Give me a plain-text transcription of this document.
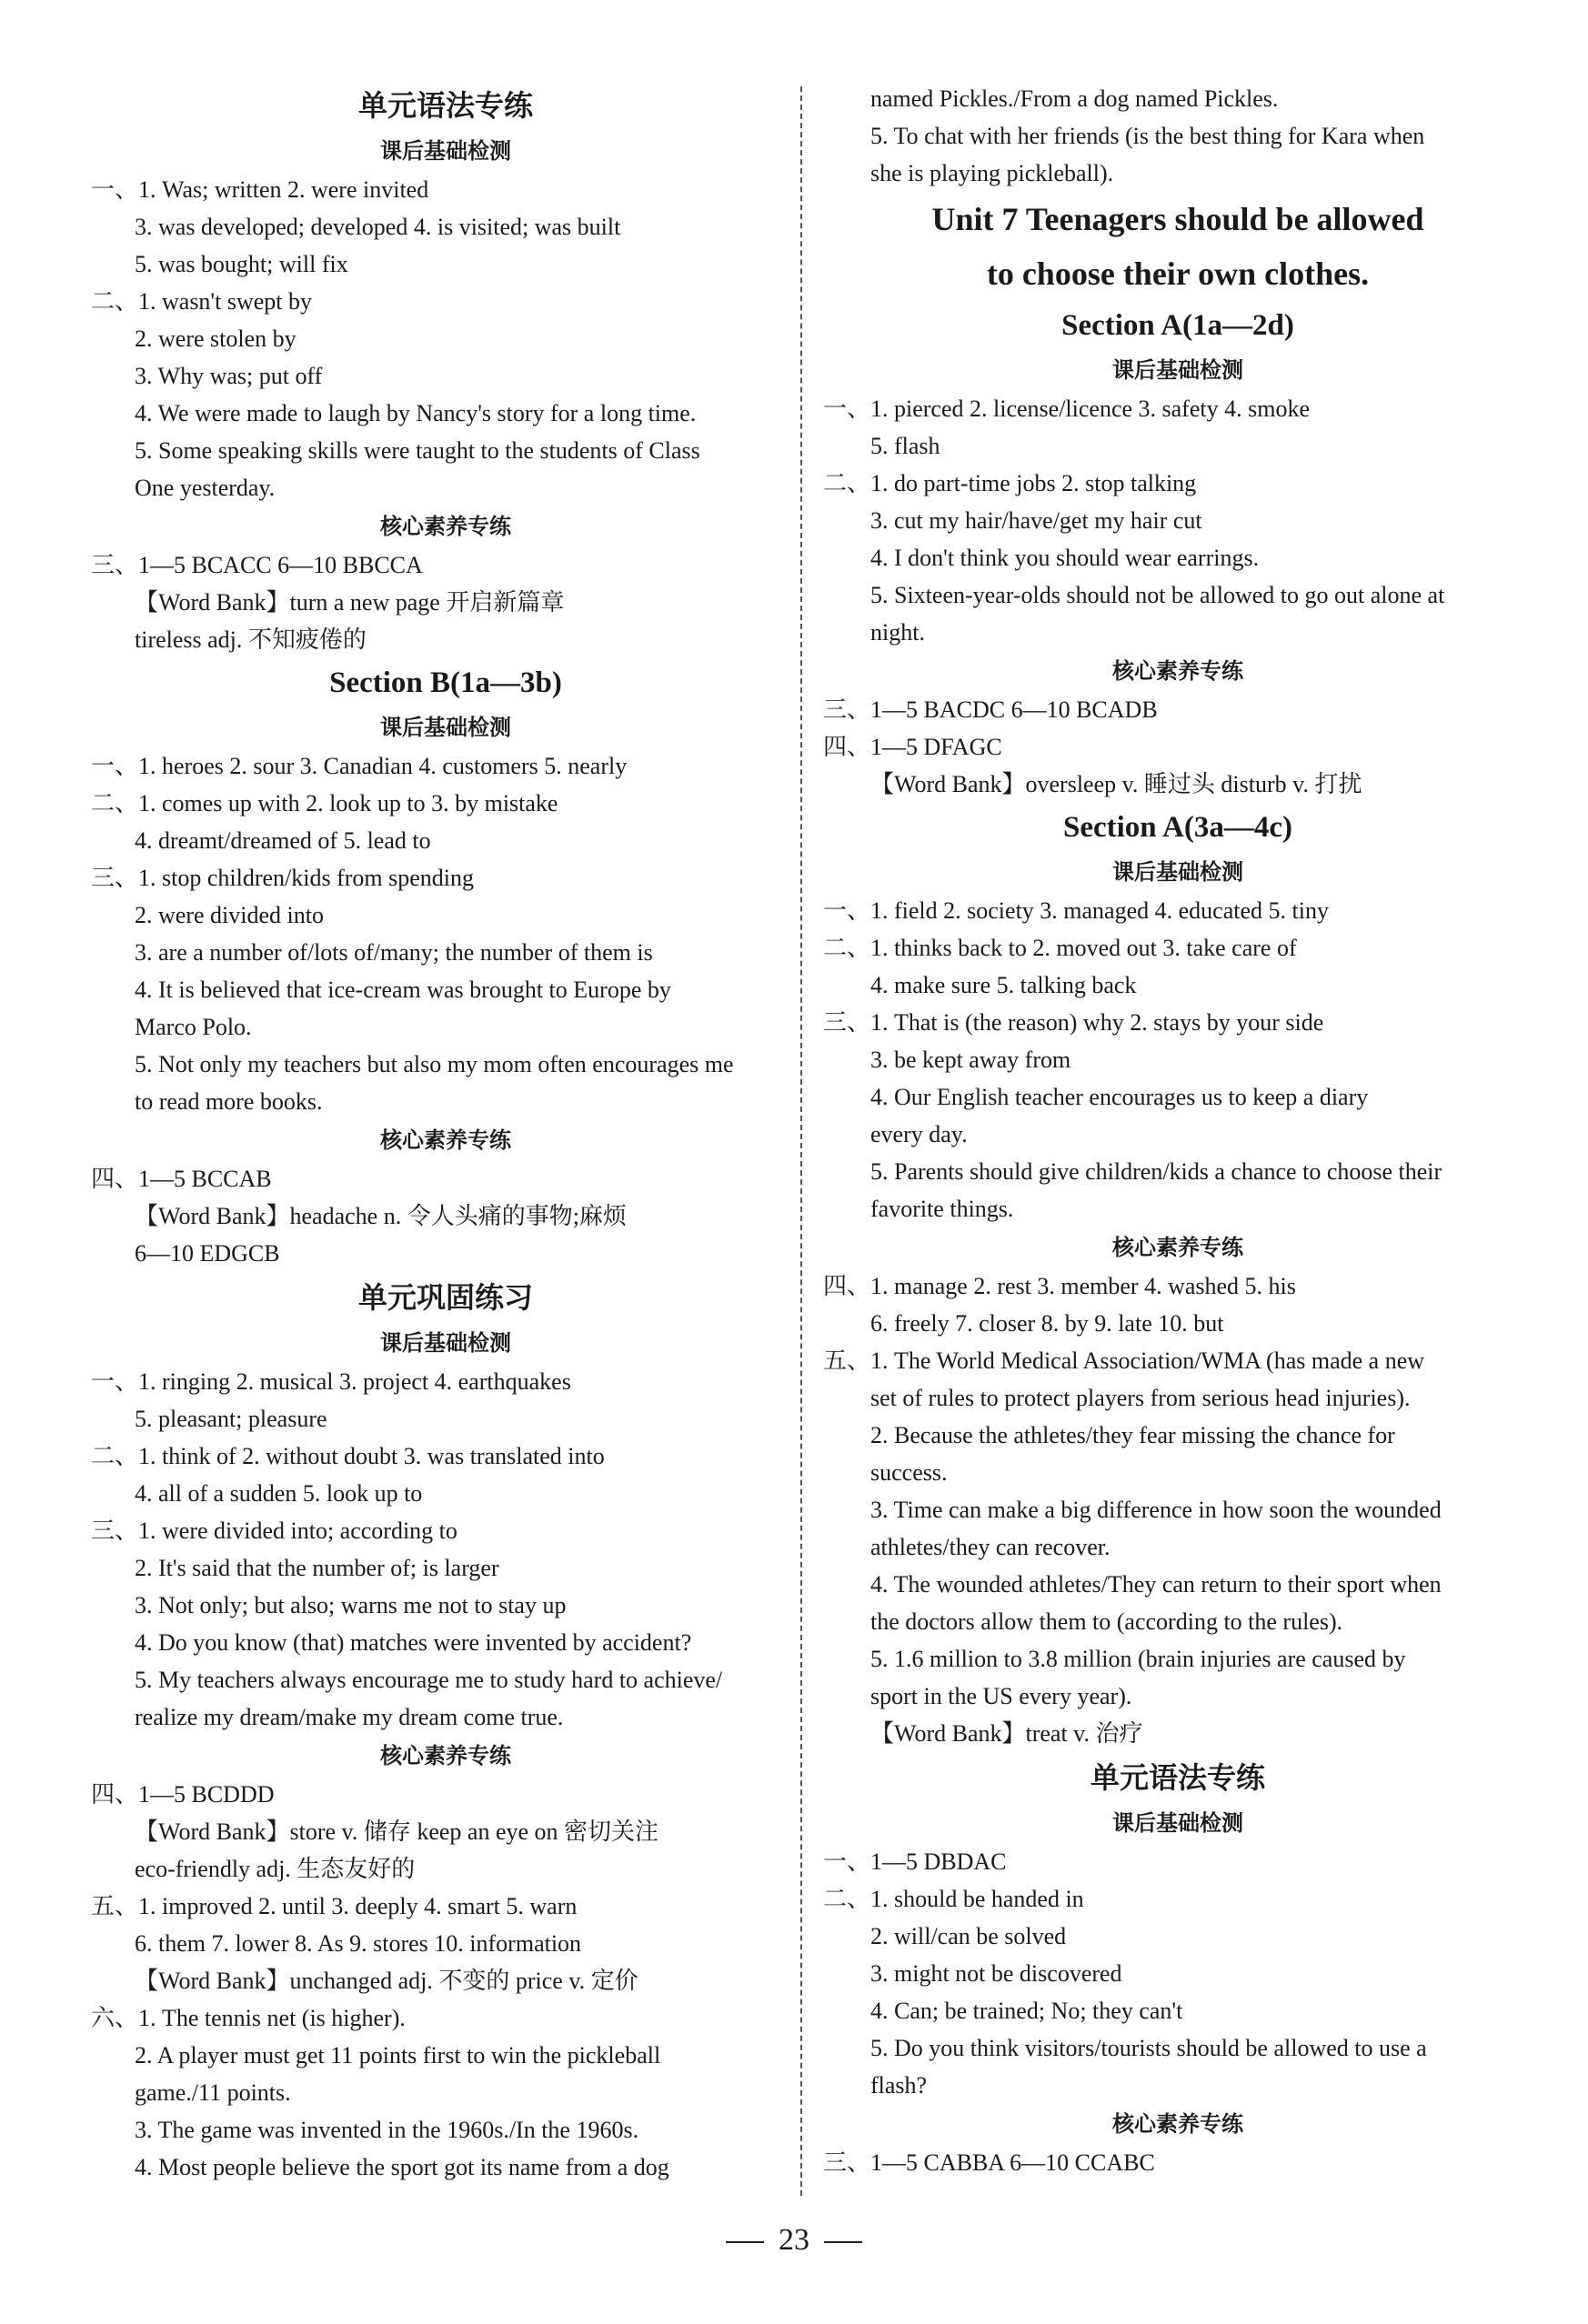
单元语法专练
课后基础检测
一、1. Was; written 2. were invited
3. was developed; developed 4. is visited; was built
5. was bought; will fix
二、1. wasn't swept by
2. were stolen by
3. Why was; put off
4. We were made to laugh by Nancy's story for a long time.
5. Some speaking skills were taught to the students of Class
One yesterday.
核心素养专练
三、1—5 BCACC 6—10 BBCCA
【Word Bank】turn a new page 开启新篇章
tireless adj. 不知疲倦的
Section B(1a—3b)
课后基础检测
一、1. heroes 2. sour 3. Canadian 4. customers 5. nearly
二、1. comes up with 2. look up to 3. by mistake
4. dreamt/dreamed of 5. lead to
三、1. stop children/kids from spending
2. were divided into
3. are a number of/lots of/many; the number of them is
4. It is believed that ice-cream was brought to Europe by
Marco Polo.
5. Not only my teachers but also my mom often encourages me
to read more books.
核心素养专练
四、1—5 BCCAB
【Word Bank】headache n. 令人头痛的事物;麻烦
6—10 EDGCB
单元巩固练习
课后基础检测
一、1. ringing 2. musical 3. project 4. earthquakes
5. pleasant; pleasure
二、1. think of 2. without doubt 3. was translated into
4. all of a sudden 5. look up to
三、1. were divided into; according to
2. It's said that the number of; is larger
3. Not only; but also; warns me not to stay up
4. Do you know (that) matches were invented by accident?
5. My teachers always encourage me to study hard to achieve/
realize my dream/make my dream come true.
核心素养专练
四、1—5 BCDDD
【Word Bank】store v. 储存 keep an eye on 密切关注
eco-friendly adj. 生态友好的
五、1. improved 2. until 3. deeply 4. smart 5. warn
6. them 7. lower 8. As 9. stores 10. information
【Word Bank】unchanged adj. 不变的 price v. 定价
六、1. The tennis net (is higher).
2. A player must get 11 points first to win the pickleball
game./11 points.
3. The game was invented in the 1960s./In the 1960s.
4. Most people believe the sport got its name from a dog
named Pickles./From a dog named Pickles.
5. To chat with her friends (is the best thing for Kara when
she is playing pickleball).
Unit 7 Teenagers should be allowed
to choose their own clothes.
Section A(1a—2d)
课后基础检测
一、1. pierced 2. license/licence 3. safety 4. smoke
5. flash
二、1. do part-time jobs 2. stop talking
3. cut my hair/have/get my hair cut
4. I don't think you should wear earrings.
5. Sixteen-year-olds should not be allowed to go out alone at
night.
核心素养专练
三、1—5 BACDC 6—10 BCADB
四、1—5 DFAGC
【Word Bank】oversleep v. 睡过头 disturb v. 打扰
Section A(3a—4c)
课后基础检测
一、1. field 2. society 3. managed 4. educated 5. tiny
二、1. thinks back to 2. moved out 3. take care of
4. make sure 5. talking back
三、1. That is (the reason) why 2. stays by your side
3. be kept away from
4. Our English teacher encourages us to keep a diary
every day.
5. Parents should give children/kids a chance to choose their
favorite things.
核心素养专练
四、1. manage 2. rest 3. member 4. washed 5. his
6. freely 7. closer 8. by 9. late 10. but
五、1. The World Medical Association/WMA (has made a new
set of rules to protect players from serious head injuries).
2. Because the athletes/they fear missing the chance for
success.
3. Time can make a big difference in how soon the wounded
athletes/they can recover.
4. The wounded athletes/They can return to their sport when
the doctors allow them to (according to the rules).
5. 1.6 million to 3.8 million (brain injuries are caused by
sport in the US every year).
【Word Bank】treat v. 治疗
单元语法专练
课后基础检测
一、1—5 DBDAC
二、1. should be handed in
2. will/can be solved
3. might not be discovered
4. Can; be trained; No; they can't
5. Do you think visitors/tourists should be allowed to use a
flash?
核心素养专练
三、1—5 CABBA 6—10 CCABC
23
